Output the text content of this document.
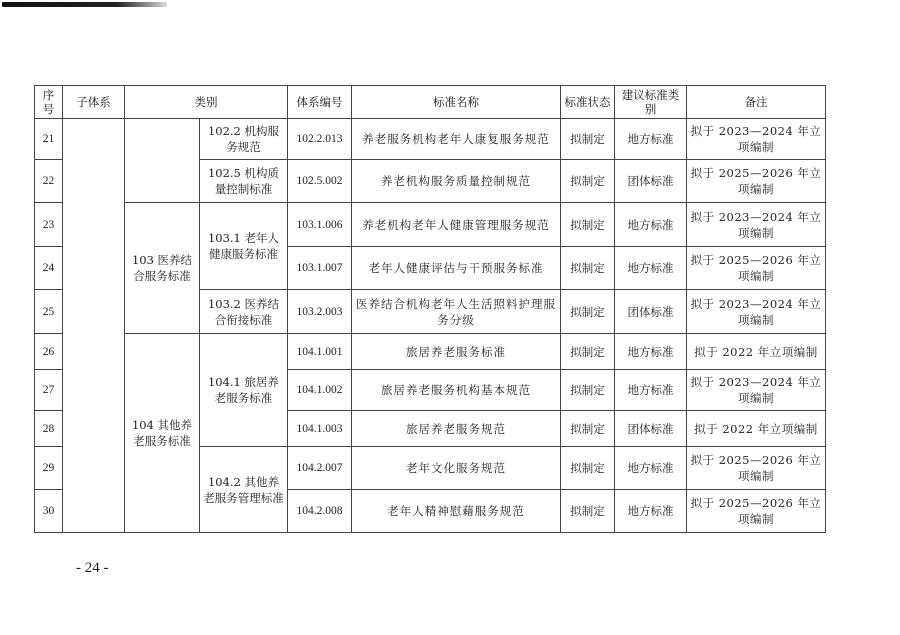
序号	子体系	类别		体系编号	标准名称	标准状态	建议标准类别	备注
21			102.2 机构服务规范	102.2.013	养老服务机构老年人康复服务规范	拟制定	地方标准	拟于 2023—2024 年立项编制
22			102.5 机构质量控制标准	102.5.002	养老机构服务质量控制规范	拟制定	团体标准	拟于 2025—2026 年立项编制
23		103 医养结合服务标准	103.1 老年人健康服务标准	103.1.006	养老机构老年人健康管理服务规范	拟制定	地方标准	拟于 2023—2024 年立项编制
24				103.1.007	老年人健康评估与干预服务标准	拟制定	地方标准	拟于 2025—2026 年立项编制
25			103.2 医养结合衔接标准	103.2.003	医养结合机构老年人生活照料护理服务分级	拟制定	团体标准	拟于 2023—2024 年立项编制
26		104 其他养老服务标准	104.1 旅居养老服务标准	104.1.001	旅居养老服务标准	拟制定	地方标准	拟于 2022 年立项编制
27				104.1.002	旅居养老服务机构基本规范	拟制定	地方标准	拟于 2023—2024 年立项编制
28				104.1.003	旅居养老服务规范	拟制定	团体标准	拟于 2022 年立项编制
29			104.2 其他养老服务管理标准	104.2.007	老年文化服务规范	拟制定	地方标准	拟于 2025—2026 年立项编制
30				104.2.008	老年人精神慰藉服务规范	拟制定	地方标准	拟于 2025—2026 年立项编制
- 24 -
